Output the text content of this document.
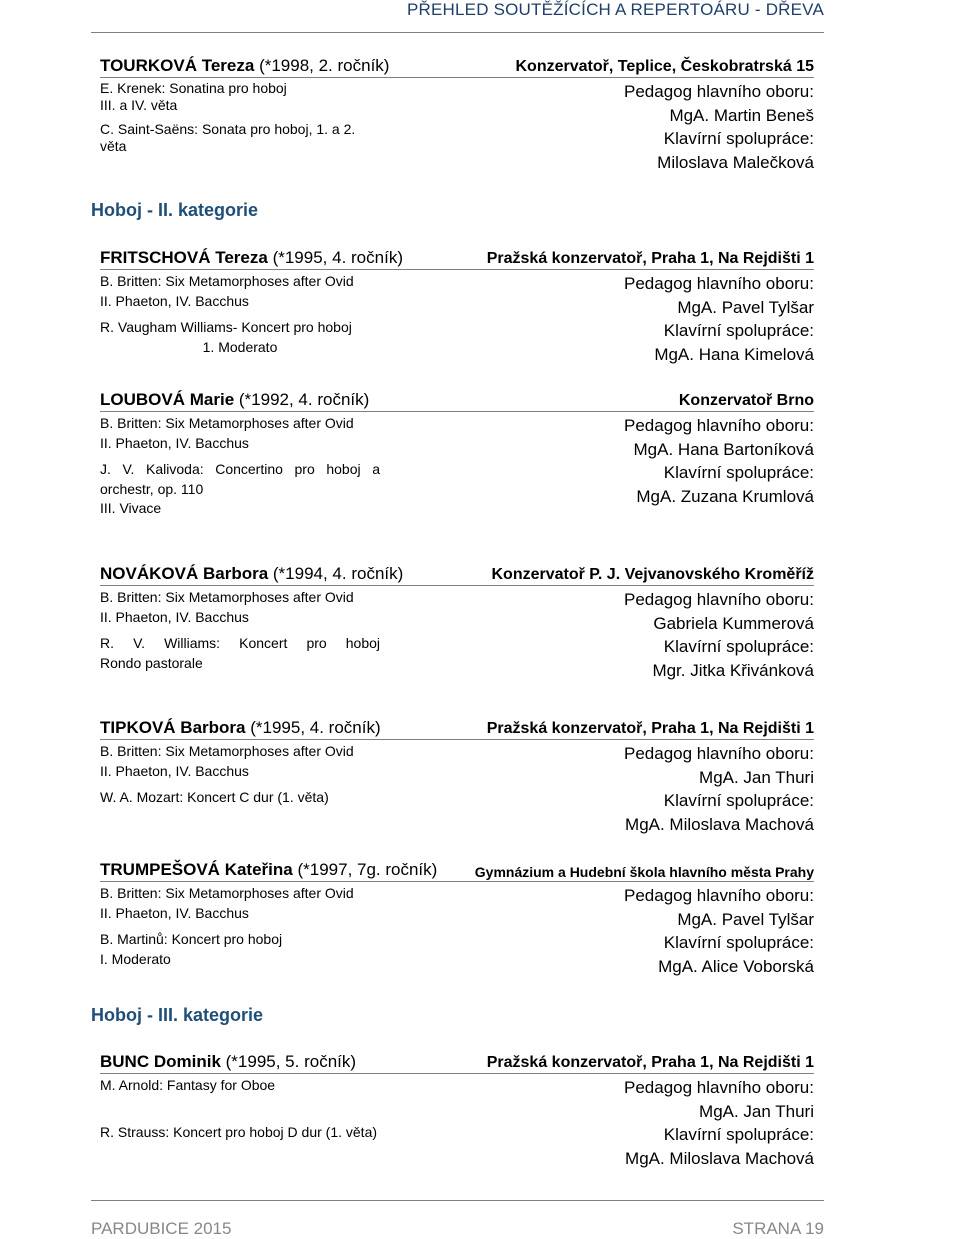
PŘEHLED SOUTĚŽÍCÍCH A REPERTOÁRU - DŘEVA
TOURKOVÁ Tereza (*1998, 2. ročník)	Konzervatoř, Teplice, Českobratrská 15
E. Krenek: Sonatina pro hoboj
III. a IV. věta
C. Saint-Saëns: Sonata pro hoboj, 1. a 2. věta
Pedagog hlavního oboru:
MgA. Martin Beneš
Klavírní spolupráce:
Miloslava Malečková
Hoboj - II. kategorie
FRITSCHOVÁ Tereza (*1995, 4. ročník)	Pražská konzervatoř, Praha 1, Na Rejdišti 1
B. Britten: Six Metamorphoses after Ovid
II. Phaeton, IV. Bacchus
R. Vaugham Williams- Koncert pro hoboj
1. Moderato
Pedagog hlavního oboru:
MgA. Pavel Tylšar
Klavírní spolupráce:
MgA. Hana Kimelová
LOUBOVÁ Marie (*1992, 4. ročník)	Konzervatoř Brno
B. Britten: Six Metamorphoses after Ovid
II. Phaeton, IV. Bacchus
J. V. Kalivoda: Concertino pro hoboj a orchestr, op. 110
III. Vivace
Pedagog hlavního oboru:
MgA. Hana Bartoníková
Klavírní spolupráce:
MgA. Zuzana Krumlová
NOVÁKOVÁ Barbora (*1994, 4. ročník)	Konzervatoř P. J. Vejvanovského Kroměříž
B. Britten: Six Metamorphoses after Ovid
II. Phaeton, IV. Bacchus
R. V. Williams: Koncert pro hoboj
Rondo pastorale
Pedagog hlavního oboru:
Gabriela Kummerová
Klavírní spolupráce:
Mgr. Jitka Křivánková
TIPKOVÁ Barbora (*1995, 4. ročník)	Pražská konzervatoř, Praha 1, Na Rejdišti 1
B. Britten: Six Metamorphoses after Ovid
II. Phaeton, IV. Bacchus
W. A. Mozart: Koncert C dur (1. věta)
Pedagog hlavního oboru:
MgA. Jan Thuri
Klavírní spolupráce:
MgA. Miloslava Machová
TRUMPEŠOVÁ Kateřina (*1997, 7g. ročník)	Gymnázium a Hudební škola hlavního města Prahy
B. Britten: Six Metamorphoses after Ovid
II. Phaeton, IV. Bacchus
B. Martinů: Koncert pro hoboj
I. Moderato
Pedagog hlavního oboru:
MgA. Pavel Tylšar
Klavírní spolupráce:
MgA. Alice Voborská
Hoboj - III. kategorie
BUNC Dominik (*1995, 5. ročník)	Pražská konzervatoř, Praha 1, Na Rejdišti 1
M. Arnold: Fantasy for Oboe
R. Strauss: Koncert pro hoboj D dur (1. věta)
Pedagog hlavního oboru:
MgA. Jan Thuri
Klavírní spolupráce:
MgA. Miloslava Machová
PARDUBICE 2015	STRANA 19
